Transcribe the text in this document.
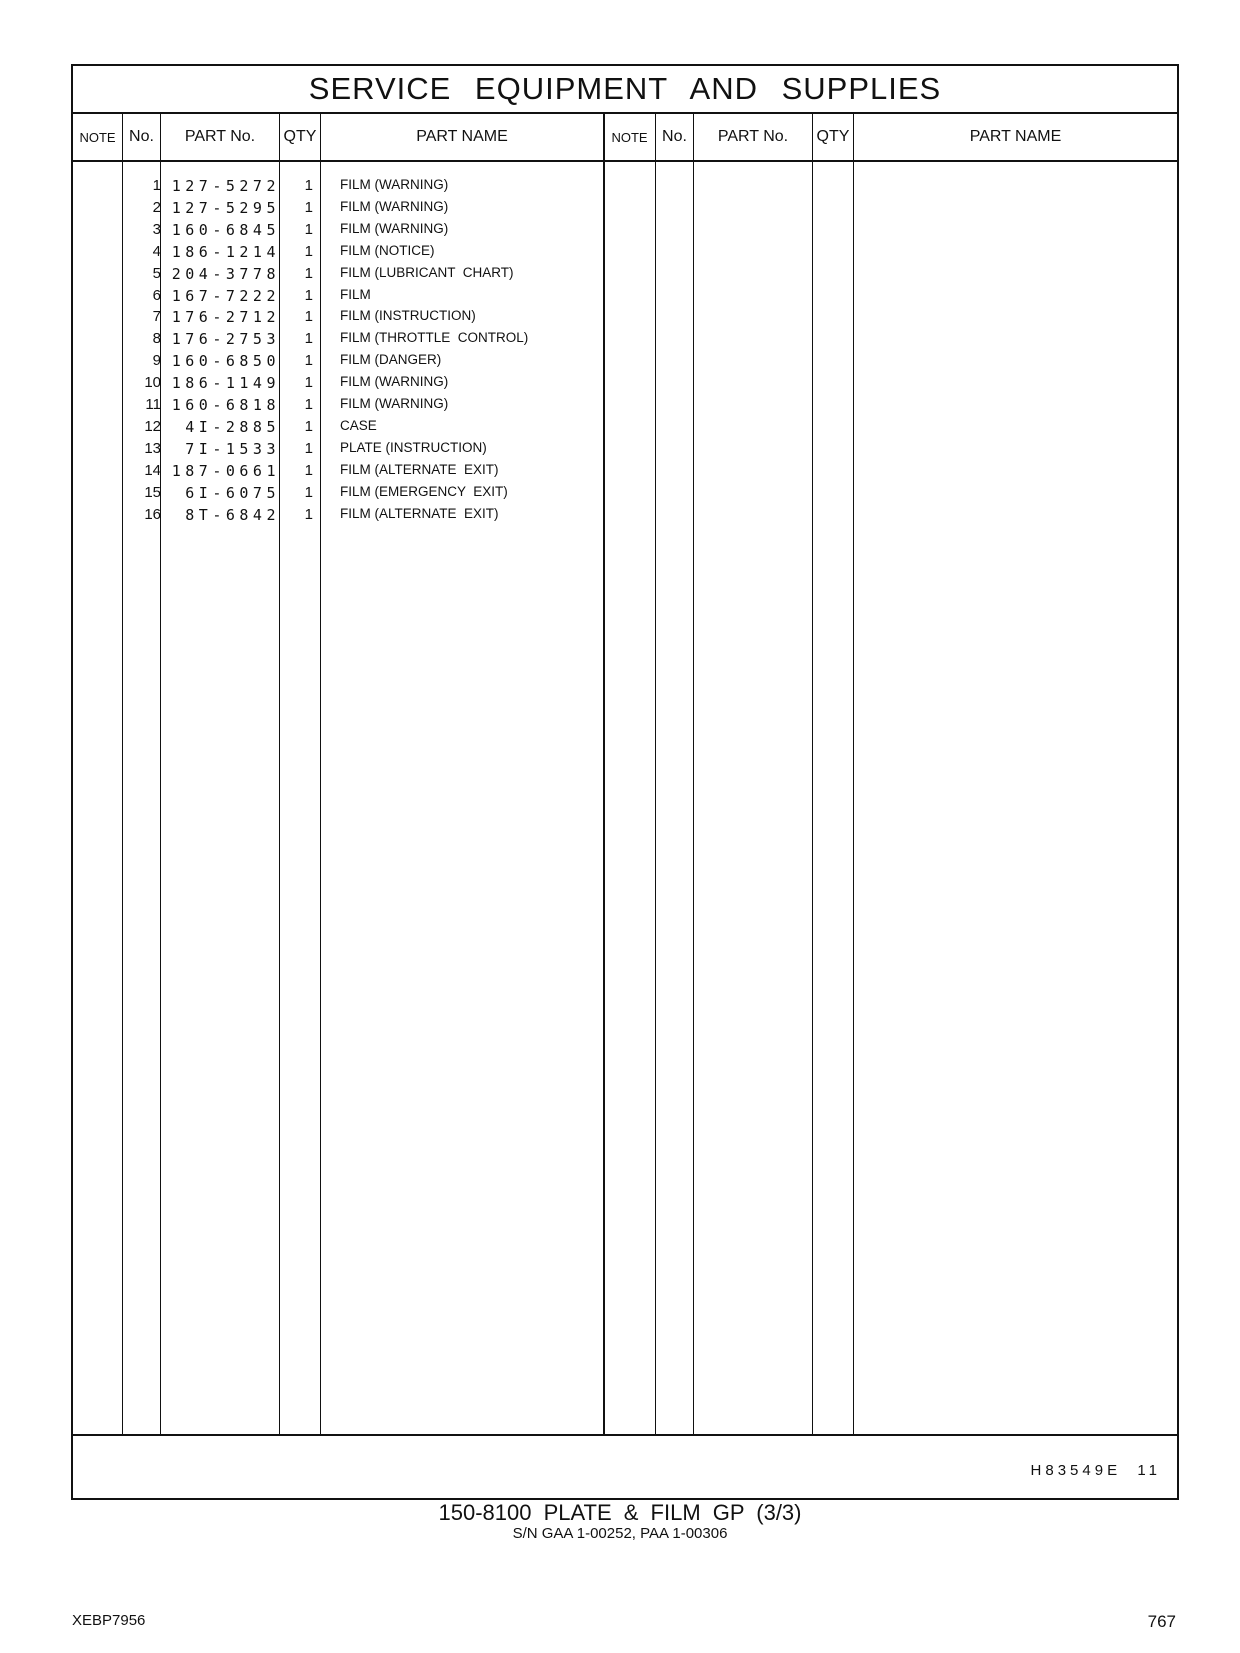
SERVICE EQUIPMENT AND SUPPLIES
NOTE No.	PART No.	QTY	PART NAME	NOTE No.	PART No.	QTY	PART NAME
1 127-5272	1 FILM (WARNING)
2 127-5295	1 FILM (WARNING)
3 160-6845	1 FILM (WARNING)
4 186-1214	1 FILM (NOTICE)
5 204-3778	1 FILM (LUBRICANT  CHART)
6 167-7222	1 FILM
7 176-2712	1 FILM (INSTRUCTION)
8 176-2753	1 FILM (THROTTLE  CONTROL)
9 160-6850	1 FILM (DANGER)
10 186-1149	1 FILM (WARNING)
11 160-6818	1 FILM (WARNING)
12	4I-2885	1 CASE
13	7I-1533	1 PLATE (INSTRUCTION)
14 187-0661	1 FILM (ALTERNATE  EXIT)
15	6I-6075	1 FILM (EMERGENCY  EXIT)
16	8T-6842	1 FILM (ALTERNATE  EXIT)
H83549E  11
150-8100 PLATE & FILM GP (3/3)
S/N GAA 1-00252, PAA 1-00306
XEBP7956	767
